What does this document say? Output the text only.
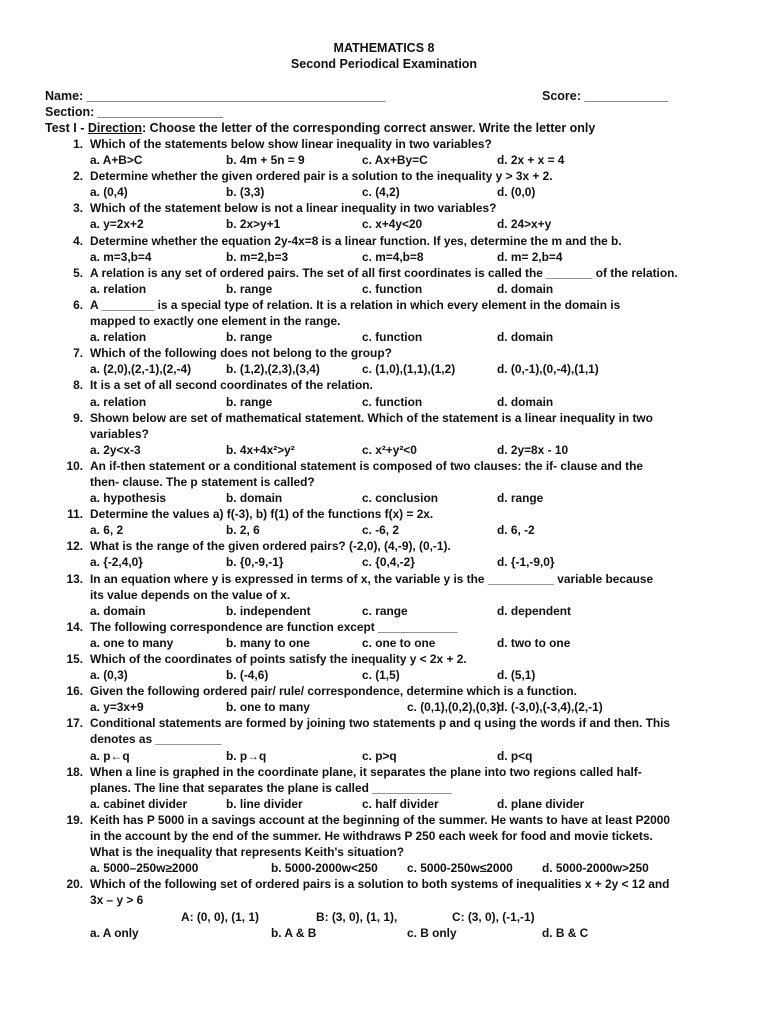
MATHEMATICS 8
Second Periodical Examination
Name: ___________________________________________	Score: ____________
Section: __________________
Test I - Direction: Choose the letter of the corresponding correct answer. Write the letter only
1. Which of the statements below show linear inequality in two variables?
a. A+B>C	b. 4m + 5n = 9	c. Ax+By=C	d. 2x + x = 4
2. Determine whether the given ordered pair is a solution to the inequality y > 3x + 2.
a. (0,4)	b. (3,3)	c. (4,2)	d. (0,0)
3. Which of the statement below is not a linear inequality in two variables?
a. y=2x+2	b. 2x>y+1	c. x+4y<20	d. 24>x+y
4. Determine whether the equation 2y-4x=8 is a linear function. If yes, determine the m and the b.
a. m=3,b=4	b. m=2,b=3	c. m=4,b=8	d. m= 2,b=4
5. A relation is any set of ordered pairs. The set of all first coordinates is called the _______ of the relation.
a. relation	b. range	c. function	d. domain
6. A ________ is a special type of relation. It is a relation in which every element in the domain is
mapped to exactly one element in the range.
a. relation	b. range	c. function	d. domain
7. Which of the following does not belong to the group?
a. (2,0),(2,-1),(2,-4)	b. (1,2),(2,3),(3,4)	c. (1,0),(1,1),(1,2)	d. (0,-1),(0,-4),(1,1)
8. It is a set of all second coordinates of the relation.
a. relation	b. range	c. function	d. domain
9. Shown below are set of mathematical statement. Which of the statement is a linear inequality in two
variables?
a. 2y<x-3	b. 4x+4x²>y²	c. x²+y²<0	d. 2y=8x - 10
10. An if-then statement or a conditional statement is composed of two clauses: the if- clause and the
then- clause. The p statement is called?
a. hypothesis	b. domain	c. conclusion	d. range
11. Determine the values a) f(-3), b) f(1) of the functions f(x) = 2x.
a. 6, 2	b. 2, 6	c. -6, 2	d. 6, -2
12. What is the range of the given ordered pairs? (-2,0), (4,-9), (0,-1).
a. {-2,4,0}	b. {0,-9,-1}	c. {0,4,-2}	d. {-1,-9,0}
13. In an equation where y is expressed in terms of x, the variable y is the __________ variable because
its value depends on the value of x.
a. domain	b. independent	c. range	d. dependent
14. The following correspondence are function except ____________
a. one to many	b. many to one	c. one to one	d. two to one
15. Which of the coordinates of points satisfy the inequality y < 2x + 2.
a. (0,3)	b. (-4,6)	c. (1,5)	d. (5,1)
16. Given the following ordered pair/ rule/ correspondence, determine which is a function.
a. y=3x+9	b. one to many	c. (0,1),(0,2),(0,3)
d. (-3,0),(-3,4),(2,-1)
17. Conditional statements are formed by joining two statements p and q using the words if and then. This
denotes as __________
a. p←q	b. p→q	c. p>q	d. p<q
18. When a line is graphed in the coordinate plane, it separates the plane into two regions called half-
planes. The line that separates the plane is called ____________
a. cabinet divider	b. line divider	c. half divider	d. plane divider
19. Keith has P 5000 in a savings account at the beginning of the summer. He wants to have at least P2000
in the account by the end of the summer. He withdraws P 250 each week for food and movie tickets.
What is the inequality that represents Keith's situation?
a. 5000–250w≥2000	b. 5000-2000w<250 c. 5000-250w≤2000 d. 5000-2000w>250
20. Which of the following set of ordered pairs is a solution to both systems of inequalities x + 2y < 12 and
3x – y > 6
A: (0, 0), (1, 1)	B: (3, 0), (1, 1),	C: (3, 0), (-1,-1)
a. A only	b. A & B	c. B only	d. B & C
